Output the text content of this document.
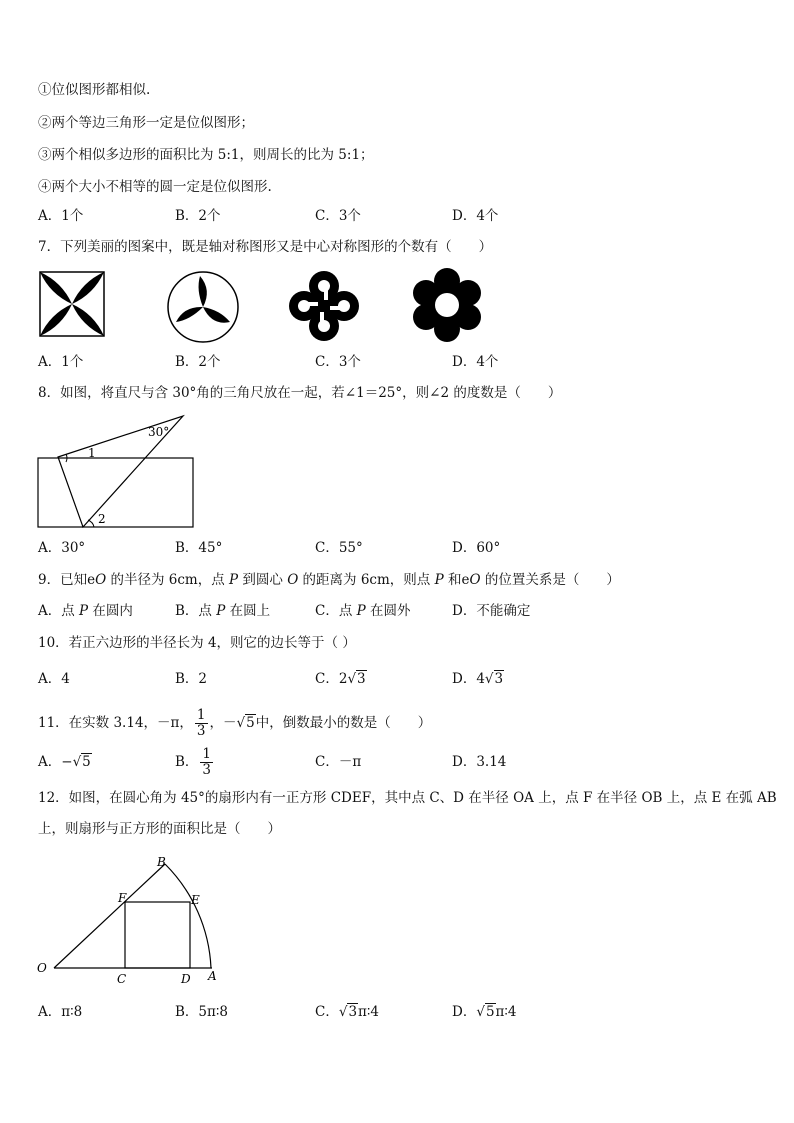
①位似图形都相似.
②两个等边三角形一定是位似图形；
③两个相似多边形的面积比为 5:1，则周长的比为 5:1；
④两个大小不相等的圆一定是位似图形.
A．1个	B．2个	C．3个	D．4个
7．下列美丽的图案中，既是轴对称图形又是中心对称图形的个数有（　　）
A．1个	B．2个	C．3个	D．4个
8．如图，将直尺与含 30°角的三角尺放在一起，若∠1＝25°，则∠2 的度数是（　　）
30°
1
2
A．30°	B．45°	C．55°	D．60°
9．已知eO 的半径为 6cm，点 P 到圆心 O 的距离为 6cm，则点 P 和eO 的位置关系是（　　）
A．点 P 在圆内	B．点 P 在圆上	C．点 P 在圆外	D．不能确定
10．若正六边形的半径长为 4，则它的边长等于（ ）
A．4	B．2	C．2√3	D．4√3
11．在实数 3.14，－π， $\frac{1}{3}$ ，－√5中，倒数最小的数是（　　）
A．−√5	B． $\frac{1}{3}$	C．－π	D．3.14
12．如图，在圆心角为 45°的扇形内有一正方形 CDEF，其中点 C、D 在半径 OA 上，点 F 在半径 OB 上，点 E 在弧 AB
上，则扇形与正方形的面积比是（　　）
B
F	E
O
C	D A
A．π∶8	B．5π∶8	C．√3π∶4	D．√5π∶4
